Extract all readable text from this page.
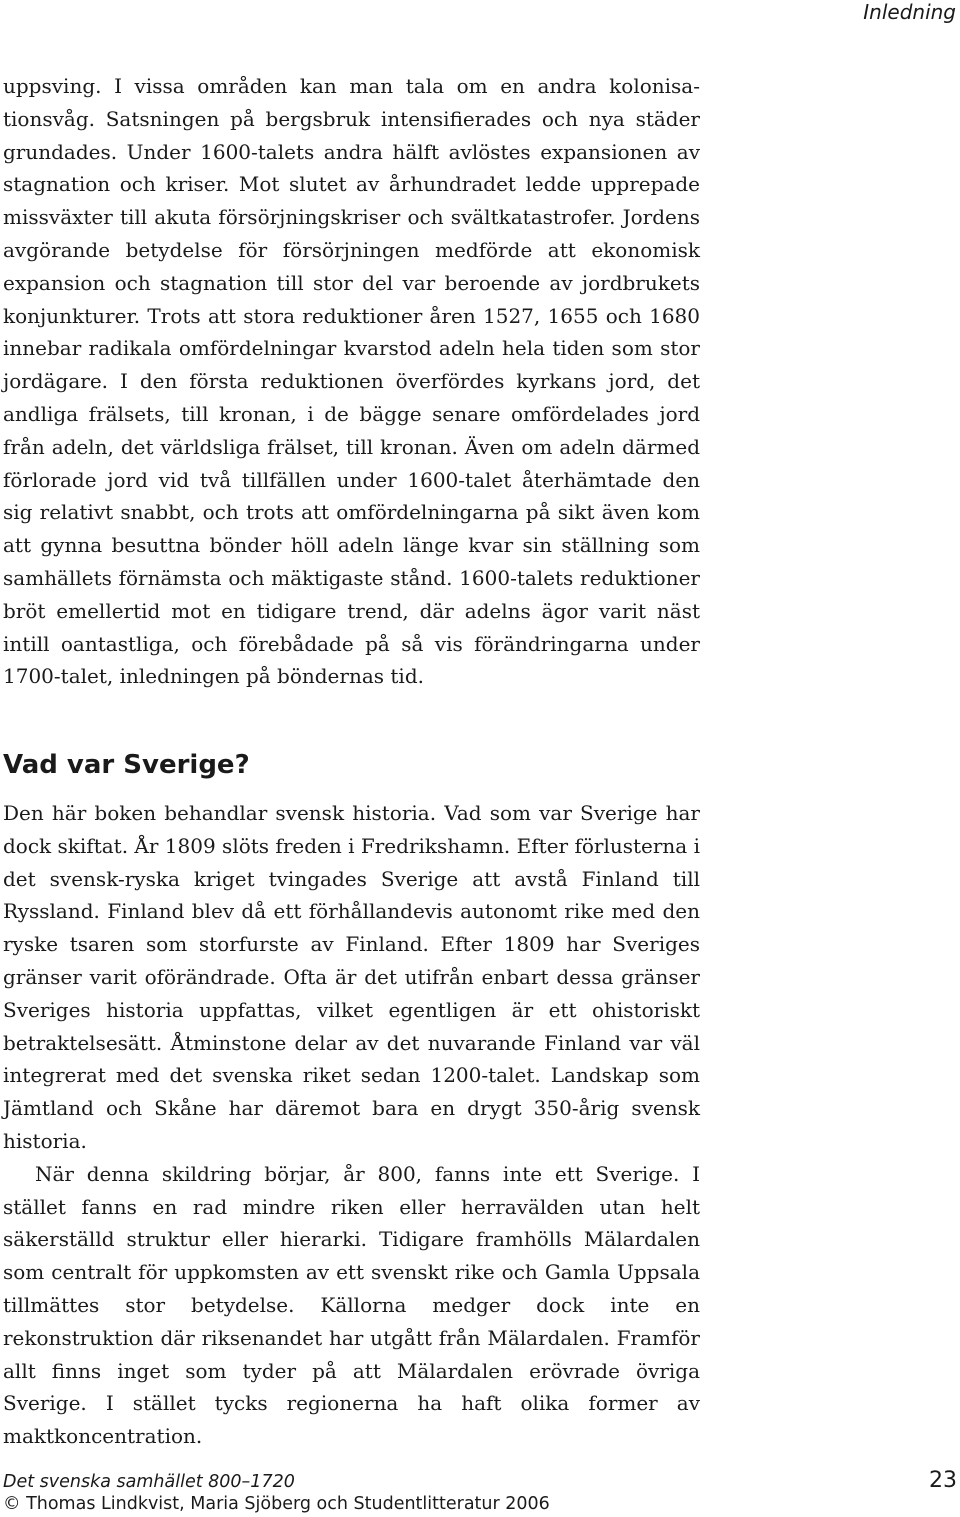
Inledning

uppsving. I vissa områden kan man tala om en andra kolonisationsvåg. Satsningen på bergsbruk intensifierades och nya städer grundades. Under 1600-talets andra hälft avlöstes expansionen av stagnation och kriser. Mot slutet av århundradet ledde upprepade missväxter till akuta försörjningskriser och svältkatastrofer. Jordens avgörande betydelse för försörjningen medförde att ekonomisk expansion och stagnation till stor del var beroende av jordbrukets konjunkturer. Trots att stora reduktioner åren 1527, 1655 och 1680 innebar radikala omfördelningar kvarstod adeln hela tiden som stor jordägare. I den första reduktionen överfördes kyrkans jord, det andliga frälsets, till kronan, i de bägge senare omfördelades jord från adeln, det världsliga frälset, till kronan. Även om adeln därmed förlorade jord vid två tillfällen under 1600-talet återhämtade den sig relativt snabbt, och trots att omfördelningarna på sikt även kom att gynna besuttna bönder höll adeln länge kvar sin ställning som samhällets förnämsta och mäktigaste stånd. 1600-talets reduktioner bröt emellertid mot en tidigare trend, där adelns ägor varit näst intill oantastliga, och förebådade på så vis förändringarna under 1700-talet, inledningen på böndernas tid.

Vad var Sverige?

Den här boken behandlar svensk historia. Vad som var Sverige har dock skiftat. År 1809 slöts freden i Fredrikshamn. Efter förlusterna i det svensk-ryska kriget tvingades Sverige att avstå Finland till Ryssland. Finland blev då ett förhållandevis autonomt rike med den ryske tsaren som storfurste av Finland. Efter 1809 har Sveriges gränser varit oförändrade. Ofta är det utifrån enbart dessa gränser Sveriges historia uppfattas, vilket egentligen är ett ohistoriskt betraktelsesätt. Åtminstone delar av det nuvarande Finland var väl integrerat med det svenska riket sedan 1200-talet. Landskap som Jämtland och Skåne har däremot bara en drygt 350-årig svensk historia.

När denna skildring börjar, år 800, fanns inte ett Sverige. I stället fanns en rad mindre riken eller herravälden utan helt säkerställd struktur eller hierarki. Tidigare framhölls Mälardalen som centralt för uppkomsten av ett svenskt rike och Gamla Uppsala tillmättes stor betydelse. Källorna medger dock inte en rekonstruktion där riksenandet har utgått från Mälardalen. Framför allt finns inget som tyder på att Mälardalen erövrade övriga Sverige. I stället tycks regionerna ha haft olika former av maktkoncentration.

Det svenska samhället 800–1720
© Thomas Lindkvist, Maria Sjöberg och Studentlitteratur 2006
23
